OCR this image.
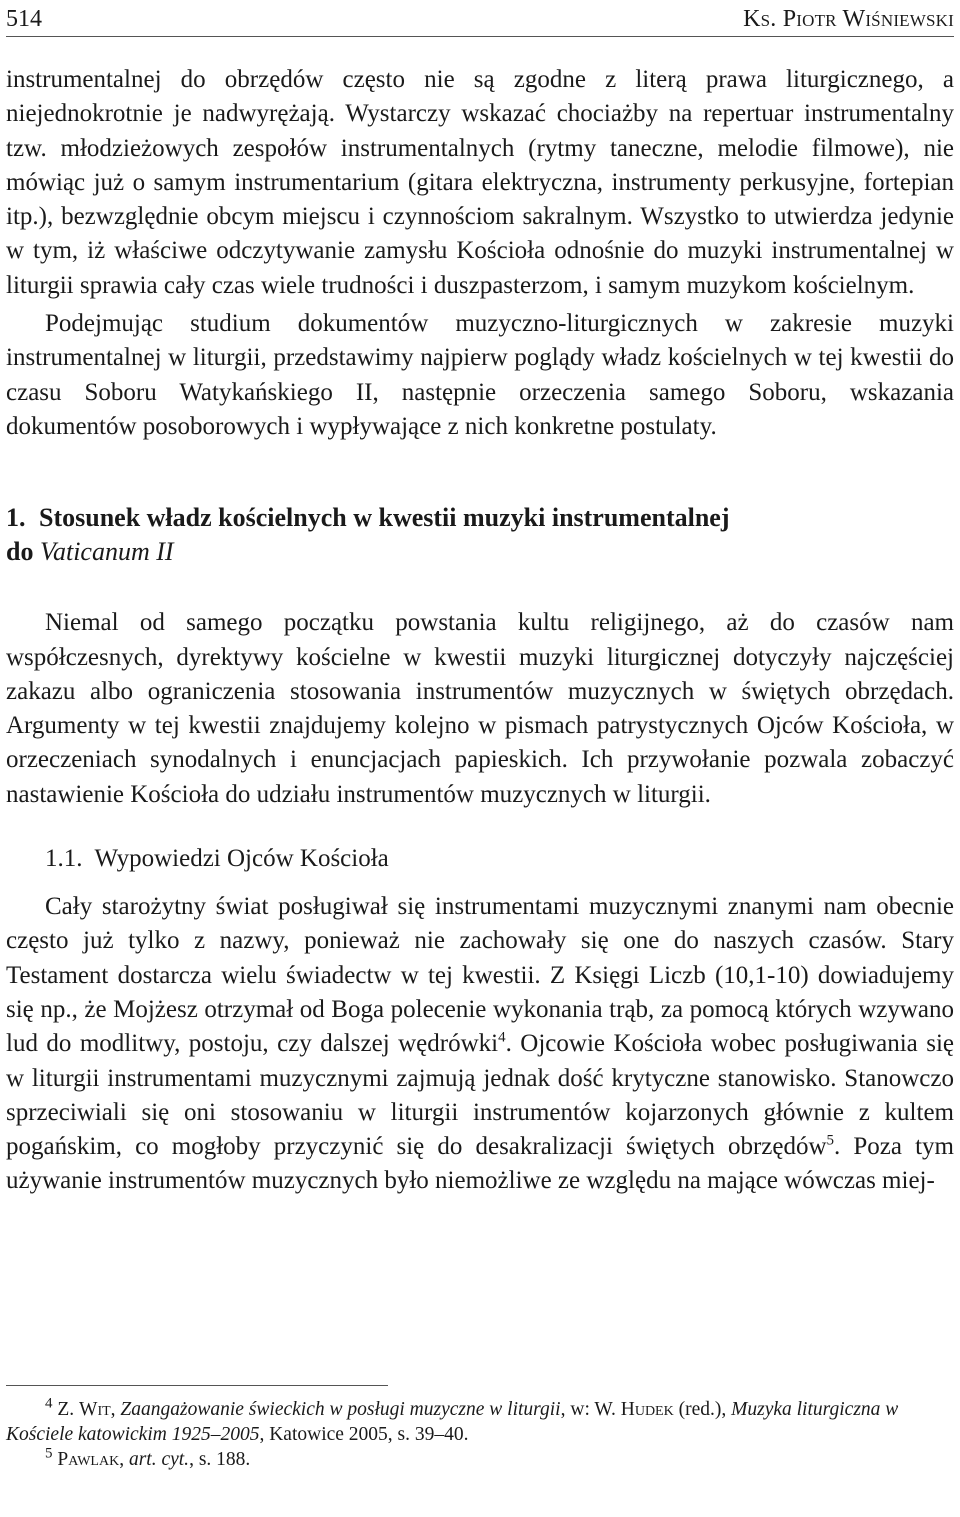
514	Ks. Piotr Wiśniewski

instrumentalnej do obrzędów często nie są zgodne z literą prawa liturgicznego, a niejednokrotnie je nadwyrężają. Wystarczy wskazać chociażby na repertuar instrumentalny tzw. młodzieżowych zespołów instrumentalnych (rytmy taneczne, melodie filmowe), nie mówiąc już o samym instrumentarium (gitara elektryczna, instrumenty perkusyjne, fortepian itp.), bezwzględnie obcym miejscu i czynnościom sakralnym. Wszystko to utwierdza jedynie w tym, iż właściwe odczytywanie zamysłu Kościoła odnośnie do muzyki instrumentalnej w liturgii sprawia cały czas wiele trudności i duszpasterzom, i samym muzykom kościelnym.

Podejmując studium dokumentów muzyczno-liturgicznych w zakresie muzyki instrumentalnej w liturgii, przedstawimy najpierw poglądy władz kościelnych w tej kwestii do czasu Soboru Watykańskiego II, następnie orzeczenia samego Soboru, wskazania dokumentów posoborowych i wypływające z nich konkretne postulaty.

1. Stosunek władz kościelnych w kwestii muzyki instrumentalnej
do Vaticanum II

Niemal od samego początku powstania kultu religijnego, aż do czasów nam współczesnych, dyrektywy kościelne w kwestii muzyki liturgicznej dotyczyły najczęściej zakazu albo ograniczenia stosowania instrumentów muzycznych w świętych obrzędach. Argumenty w tej kwestii znajdujemy kolejno w pismach patrystycznych Ojców Kościoła, w orzeczeniach synodalnych i enuncjacjach papieskich. Ich przywołanie pozwala zobaczyć nastawienie Kościoła do udziału instrumentów muzycznych w liturgii.

1.1. Wypowiedzi Ojców Kościoła

Cały starożytny świat posługiwał się instrumentami muzycznymi znanymi nam obecnie często już tylko z nazwy, ponieważ nie zachowały się one do naszych czasów. Stary Testament dostarcza wielu świadectw w tej kwestii. Z Księgi Liczb (10,1-10) dowiadujemy się np., że Mojżesz otrzymał od Boga polecenie wykonania trąb, za pomocą których wzywano lud do modlitwy, postoju, czy dalszej wędrówki$^4$. Ojcowie Kościoła wobec posługiwania się w liturgii instrumentami muzycznymi zajmują jednak dość krytyczne stanowisko. Stanowczo sprzeciwiali się oni stosowaniu w liturgii instrumentów kojarzonych głównie z kultem pogańskim, co mogłoby przyczynić się do desakralizacji świętych obrzędów$^5$. Poza tym używanie instrumentów muzycznych było niemożliwe ze względu na mające wówczas miej-

$^4$ Z. Wit, Zaangażowanie świeckich w posługi muzyczne w liturgii, w: W. Hudek (red.), Muzyka liturgiczna w Kościele katowickim 1925–2005, Katowice 2005, s. 39–40.

$^5$ Pawlak, art. cyt., s. 188.
